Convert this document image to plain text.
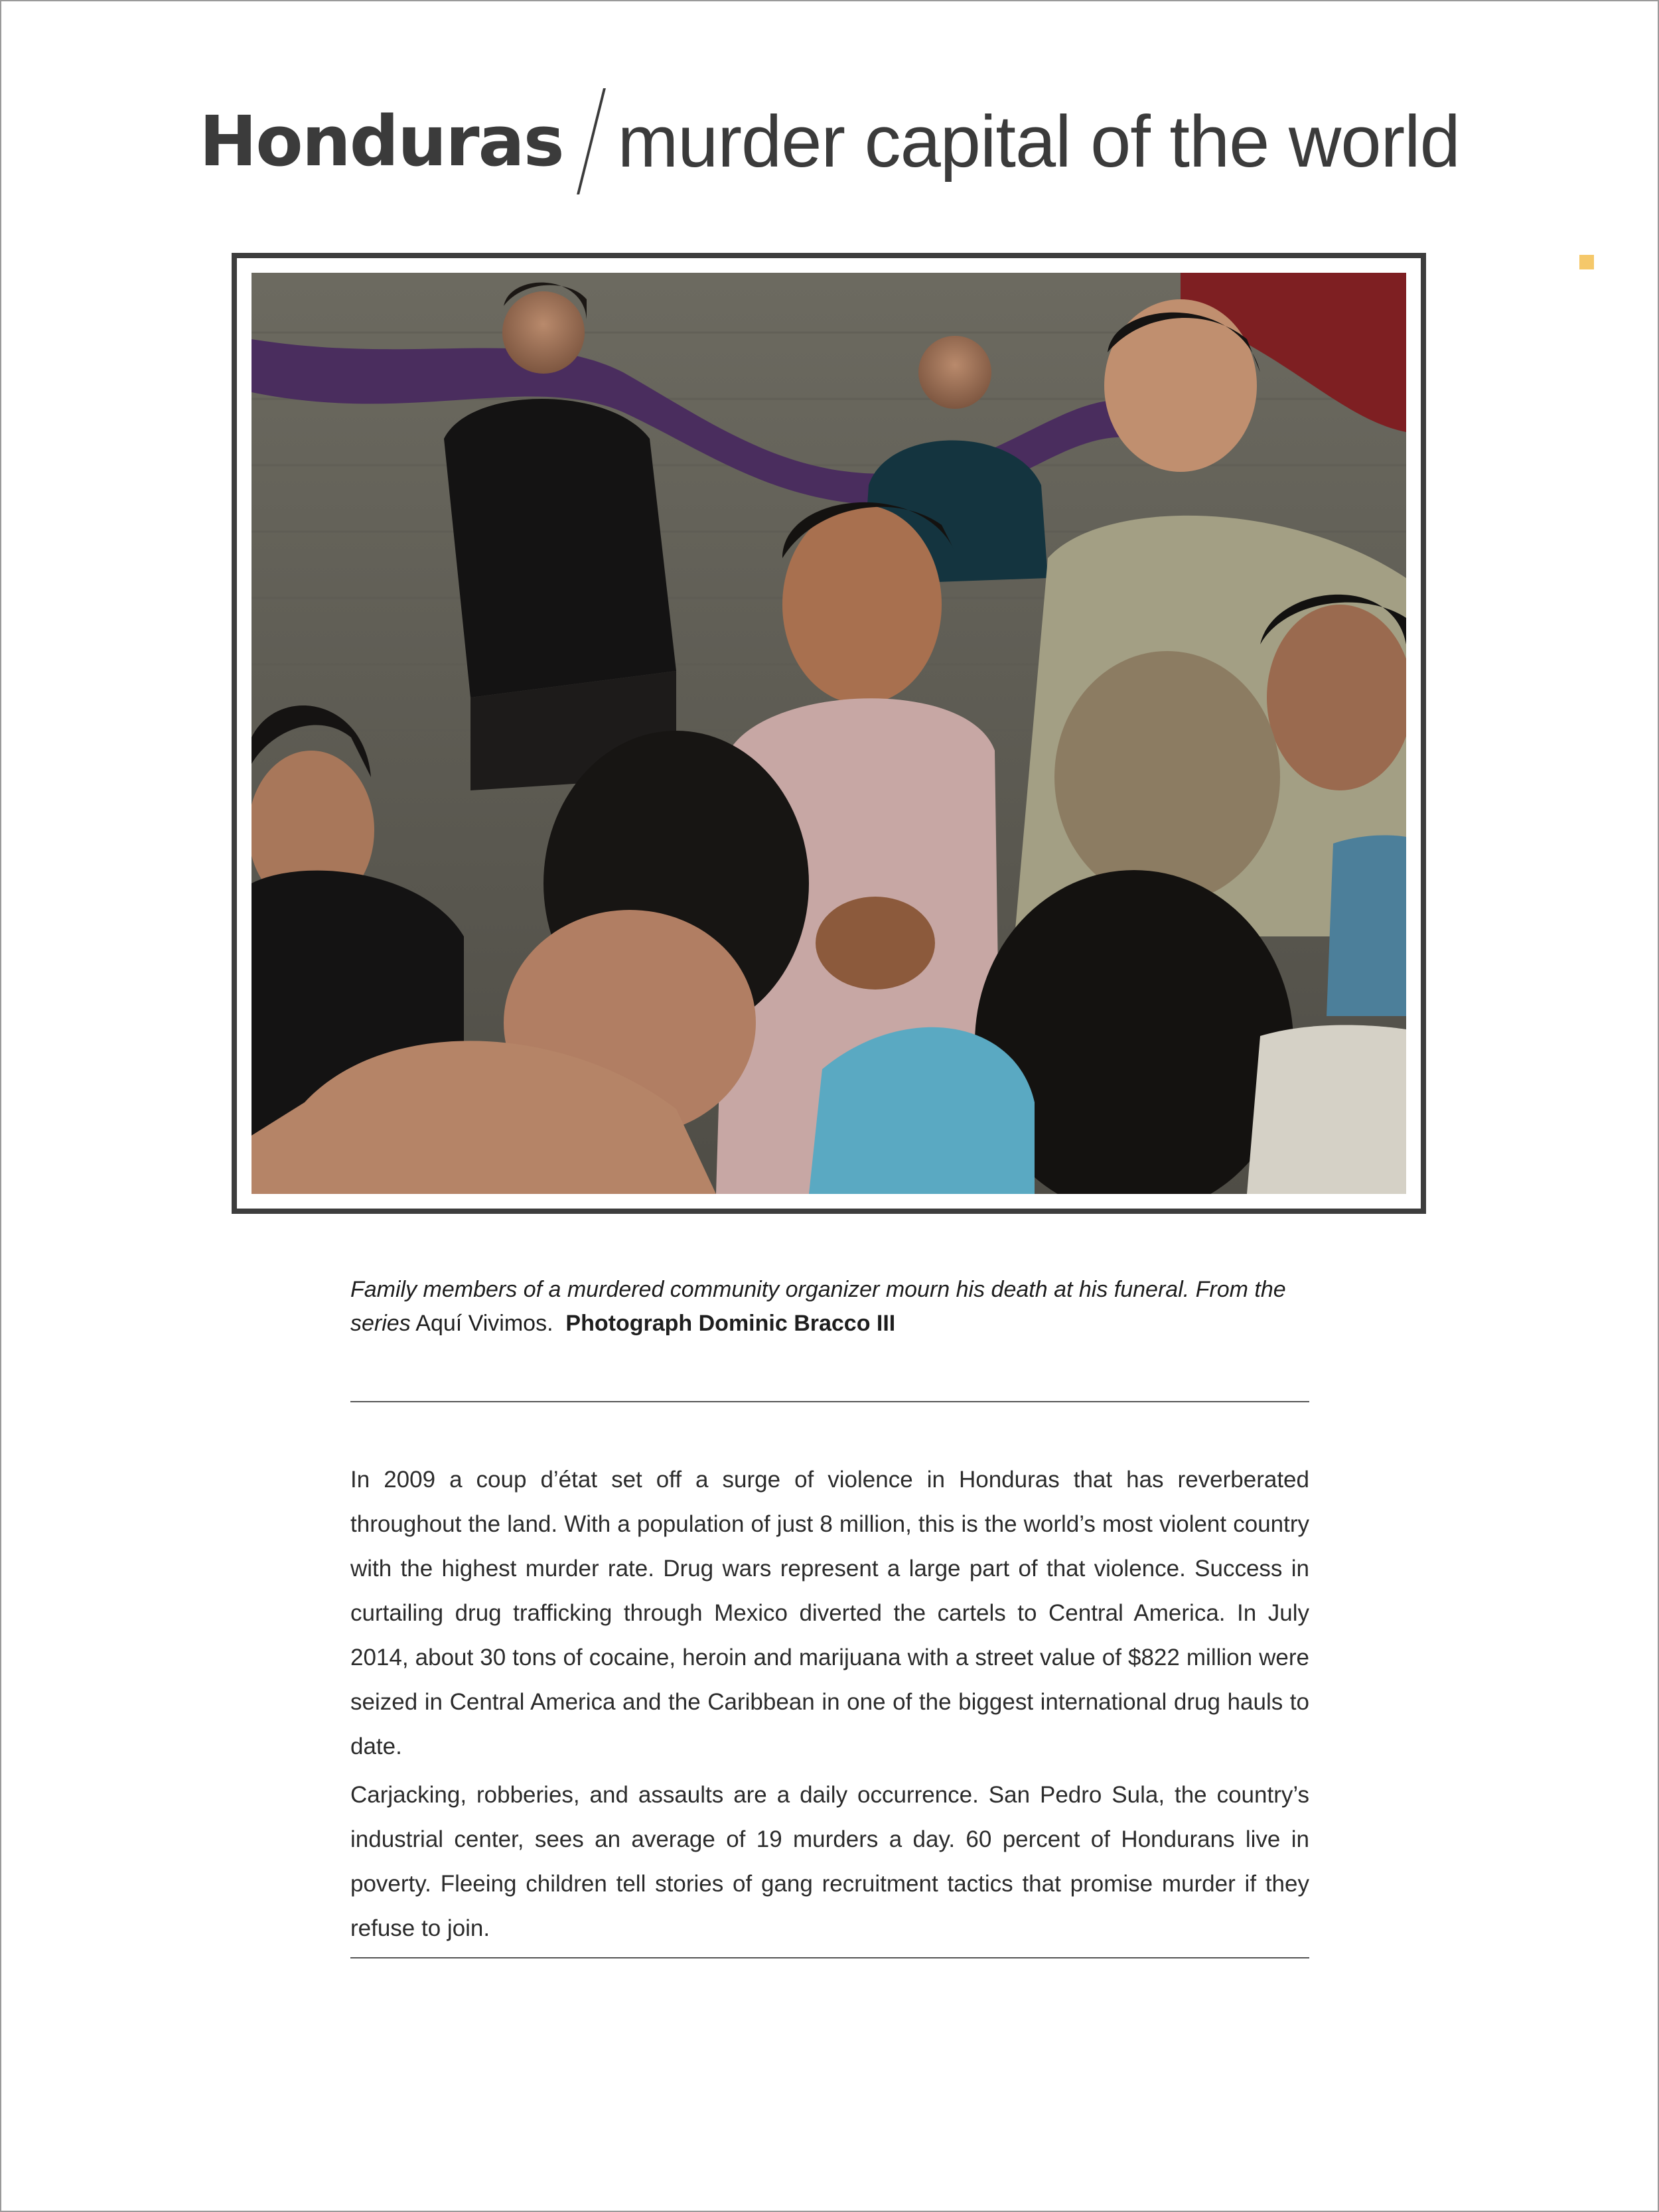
Honduras murder capital of the world
Family members of a murdered community organizer mourn his death at his funeral. From the series Aquí Vivimos. Photograph Dominic Bracco III
In 2009 a coup d’état set off a surge of violence in Honduras that has reverberated throughout the land. With a population of just 8 million, this is the world’s most violent country with the highest murder rate. Drug wars represent a large part of that violence. Success in curtailing drug trafficking through Mexico diverted the cartels to Central America. In July 2014, about 30 tons of cocaine, heroin and marijuana with a street value of $822 million were seized in Central America and the Caribbean in one of the biggest international drug hauls to date.
Carjacking, robberies, and assaults are a daily occurrence. San Pedro Sula, the country’s industrial center, sees an average of 19 murders a day. 60 percent of Hondurans live in poverty. Fleeing children tell stories of gang recruitment tactics that promise murder if they refuse to join.
